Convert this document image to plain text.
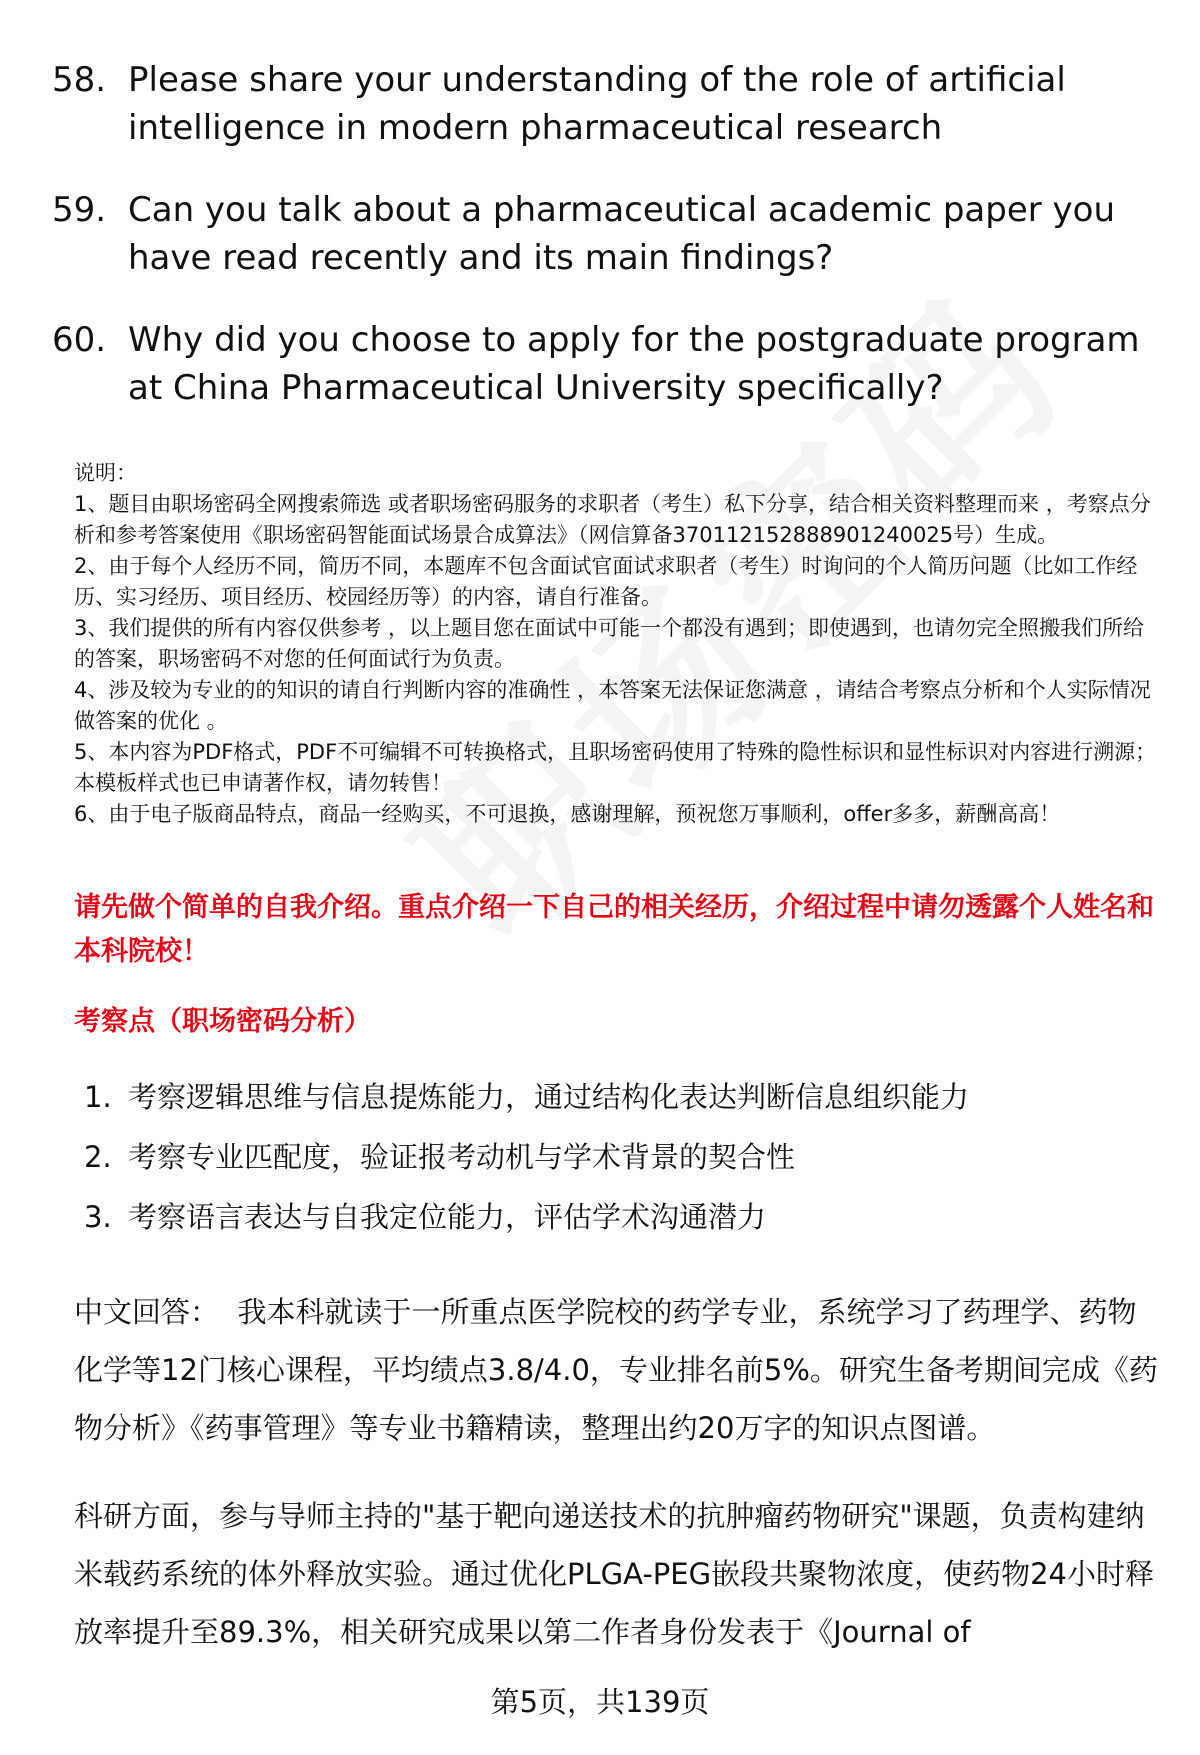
58. Please share your understanding of the role of artificial intelligence in modern pharmaceutical research
59. Can you talk about a pharmaceutical academic paper you have read recently and its main findings?
60. Why did you choose to apply for the postgraduate program at China Pharmaceutical University specifically?

说明：

1、题目由职场密码全网搜索筛选 或者职场密码服务的求职者（考生）私下分享，结合相关资料整理而来 ，考察点分析和参考答案使用《职场密码智能面试场景合成算法》（网信算备370112152888901240025号）生成。

2、由于每个人经历不同，简历不同，本题库不包含面试官面试求职者（考生）时询问的个人简历问题（比如工作经历、实习经历、项目经历、校园经历等）的内容，请自行准备。

3、我们提供的所有内容仅供参考 ，以上题目您在面试中可能一个都没有遇到；即使遇到，也请勿完全照搬我们所给的答案，职场密码不对您的任何面试行为负责。

4、涉及较为专业的的知识的请自行判断内容的准确性 ，本答案无法保证您满意 ，请结合考察点分析和个人实际情况做答案的优化 。

5、本内容为PDF格式，PDF不可编辑不可转换格式，且职场密码使用了特殊的隐性标识和显性标识对内容进行溯源；本模板样式也已申请著作权，请勿转售！

6、由于电子版商品特点，商品一经购买，不可退换，感谢理解，预祝您万事顺利，offer多多，薪酬高高！

请先做个简单的自我介绍。重点介绍一下自己的相关经历，介绍过程中请勿透露个人姓名和本科院校！
考察点（职场密码分析）
1. 考察逻辑思维与信息提炼能力，通过结构化表达判断信息组织能力
2. 考察专业匹配度，验证报考动机与学术背景的契合性
3. 考察语言表达与自我定位能力，评估学术沟通潜力

中文回答： 我本科就读于一所重点医学院校的药学专业，系统学习了药理学、药物化学等12门核心课程，平均绩点3.8/4.0，专业排名前5%。研究生备考期间完成《药物分析》《药事管理》等专业书籍精读，整理出约20万字的知识点图谱。

科研方面，参与导师主持的"基于靶向递送技术的抗肿瘤药物研究"课题，负责构建纳米载药系统的体外释放实验。通过优化PLGA-PEG嵌段共聚物浓度，使药物24小时释放率提升至89.3%，相关研究成果以第二作者身份发表于《Journal of

第5页，共139页
